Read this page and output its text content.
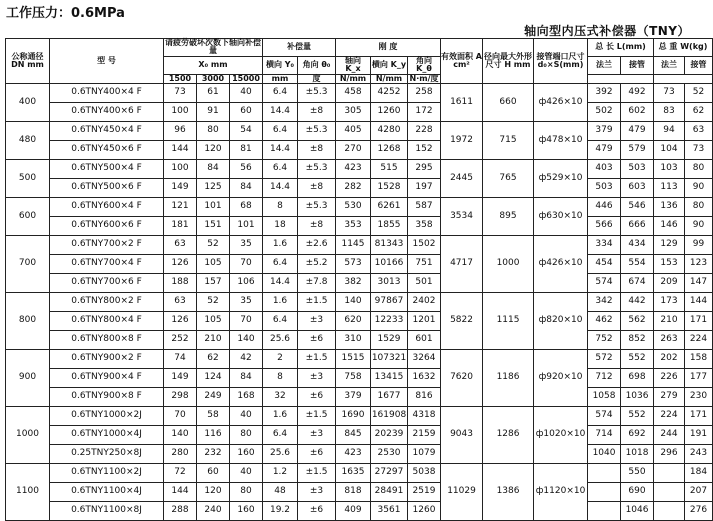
工作压力：0.6MPa
轴向型内压式补偿器（TNY）
公称通径 DN mm	型 号	请疲劳破坏次数下轴向补偿量			补偿量		刚 度			有效面积 A cm²	径向最大外形尺寸 H mm	接管端口尺寸 d₀×S(mm)	总 长 L(mm)		总 重 W(kg)	
		X₀ mm			横向 Y₀	角向 θ₀	轴向 K_x	横向 K_y	角向 K_θ				法兰	接管	法兰	接管
		1500	3000	15000	mm	度	N/mm	N/mm	N·m/度							
400	0.6TNY400×4 F	73	61	40	6.4	±5.3	458	4252	258	1611	660	ф426×10	392	492	73	52
	0.6TNY400×6 F	100	91	60	14.4	±8	305	1260	172				502	602	83	62
480	0.6TNY450×4 F	96	80	54	6.4	±5.3	405	4280	228	1972	715	ф478×10	379	479	94	63
	0.6TNY450×6 F	144	120	81	14.4	±8	270	1268	152				479	579	104	73
500	0.6TNY500×4 F	100	84	56	6.4	±5.3	423	515	295	2445	765	ф529×10	403	503	103	80
	0.6TNY500×6 F	149	125	84	14.4	±8	282	1528	197				503	603	113	90
600	0.6TNY600×4 F	121	101	68	8	±5.3	530	6261	587	3534	895	ф630×10	446	546	136	80
	0.6TNY600×6 F	181	151	101	18	±8	353	1855	358				566	666	146	90
700	0.6TNY700×2 F	63	52	35	1.6	±2.6	1145	81343	1502	4717	1000	ф426×10	334	434	129	99
	0.6TNY700×4 F	126	105	70	6.4	±5.2	573	10166	751				454	554	153	123
	0.6TNY700×6 F	188	157	106	14.4	±7.8	382	3013	501				574	674	209	147
800	0.6TNY800×2 F	63	52	35	1.6	±1.5	140	97867	2402	5822	1115	ф820×10	342	442	173	144
	0.6TNY800×4 F	126	105	70	6.4	±3	620	12233	1201				462	562	210	171
	0.6TNY800×8 F	252	210	140	25.6	±6	310	1529	601				752	852	263	224
900	0.6TNY900×2 F	74	62	42	2	±1.5	1515	107321	3264	7620	1186	ф920×10	572	552	202	158
	0.6TNY900×4 F	149	124	84	8	±3	758	13415	1632				712	698	226	177
	0.6TNY900×8 F	298	249	168	32	±6	379	1677	816				1058	1036	279	230
1000	0.6TNY1000×2J	70	58	40	1.6	±1.5	1690	161908	4318	9043	1286	ф1020×10	574	552	224	171
	0.6TNY1000×4J	140	116	80	6.4	±3	845	20239	2159				714	692	244	191
	0.25TNY250×8J	280	232	160	25.6	±6	423	2530	1079				1040	1018	296	243
1100	0.6TNY1100×2J	72	60	40	1.2	±1.5	1635	27297	5038	11029	1386	ф1120×10		550		184
	0.6TNY1100×4J	144	120	80	48	±3	818	28491	2519					690		207
	0.6TNY1100×8J	288	240	160	19.2	±6	409	3561	1260					1046		276
